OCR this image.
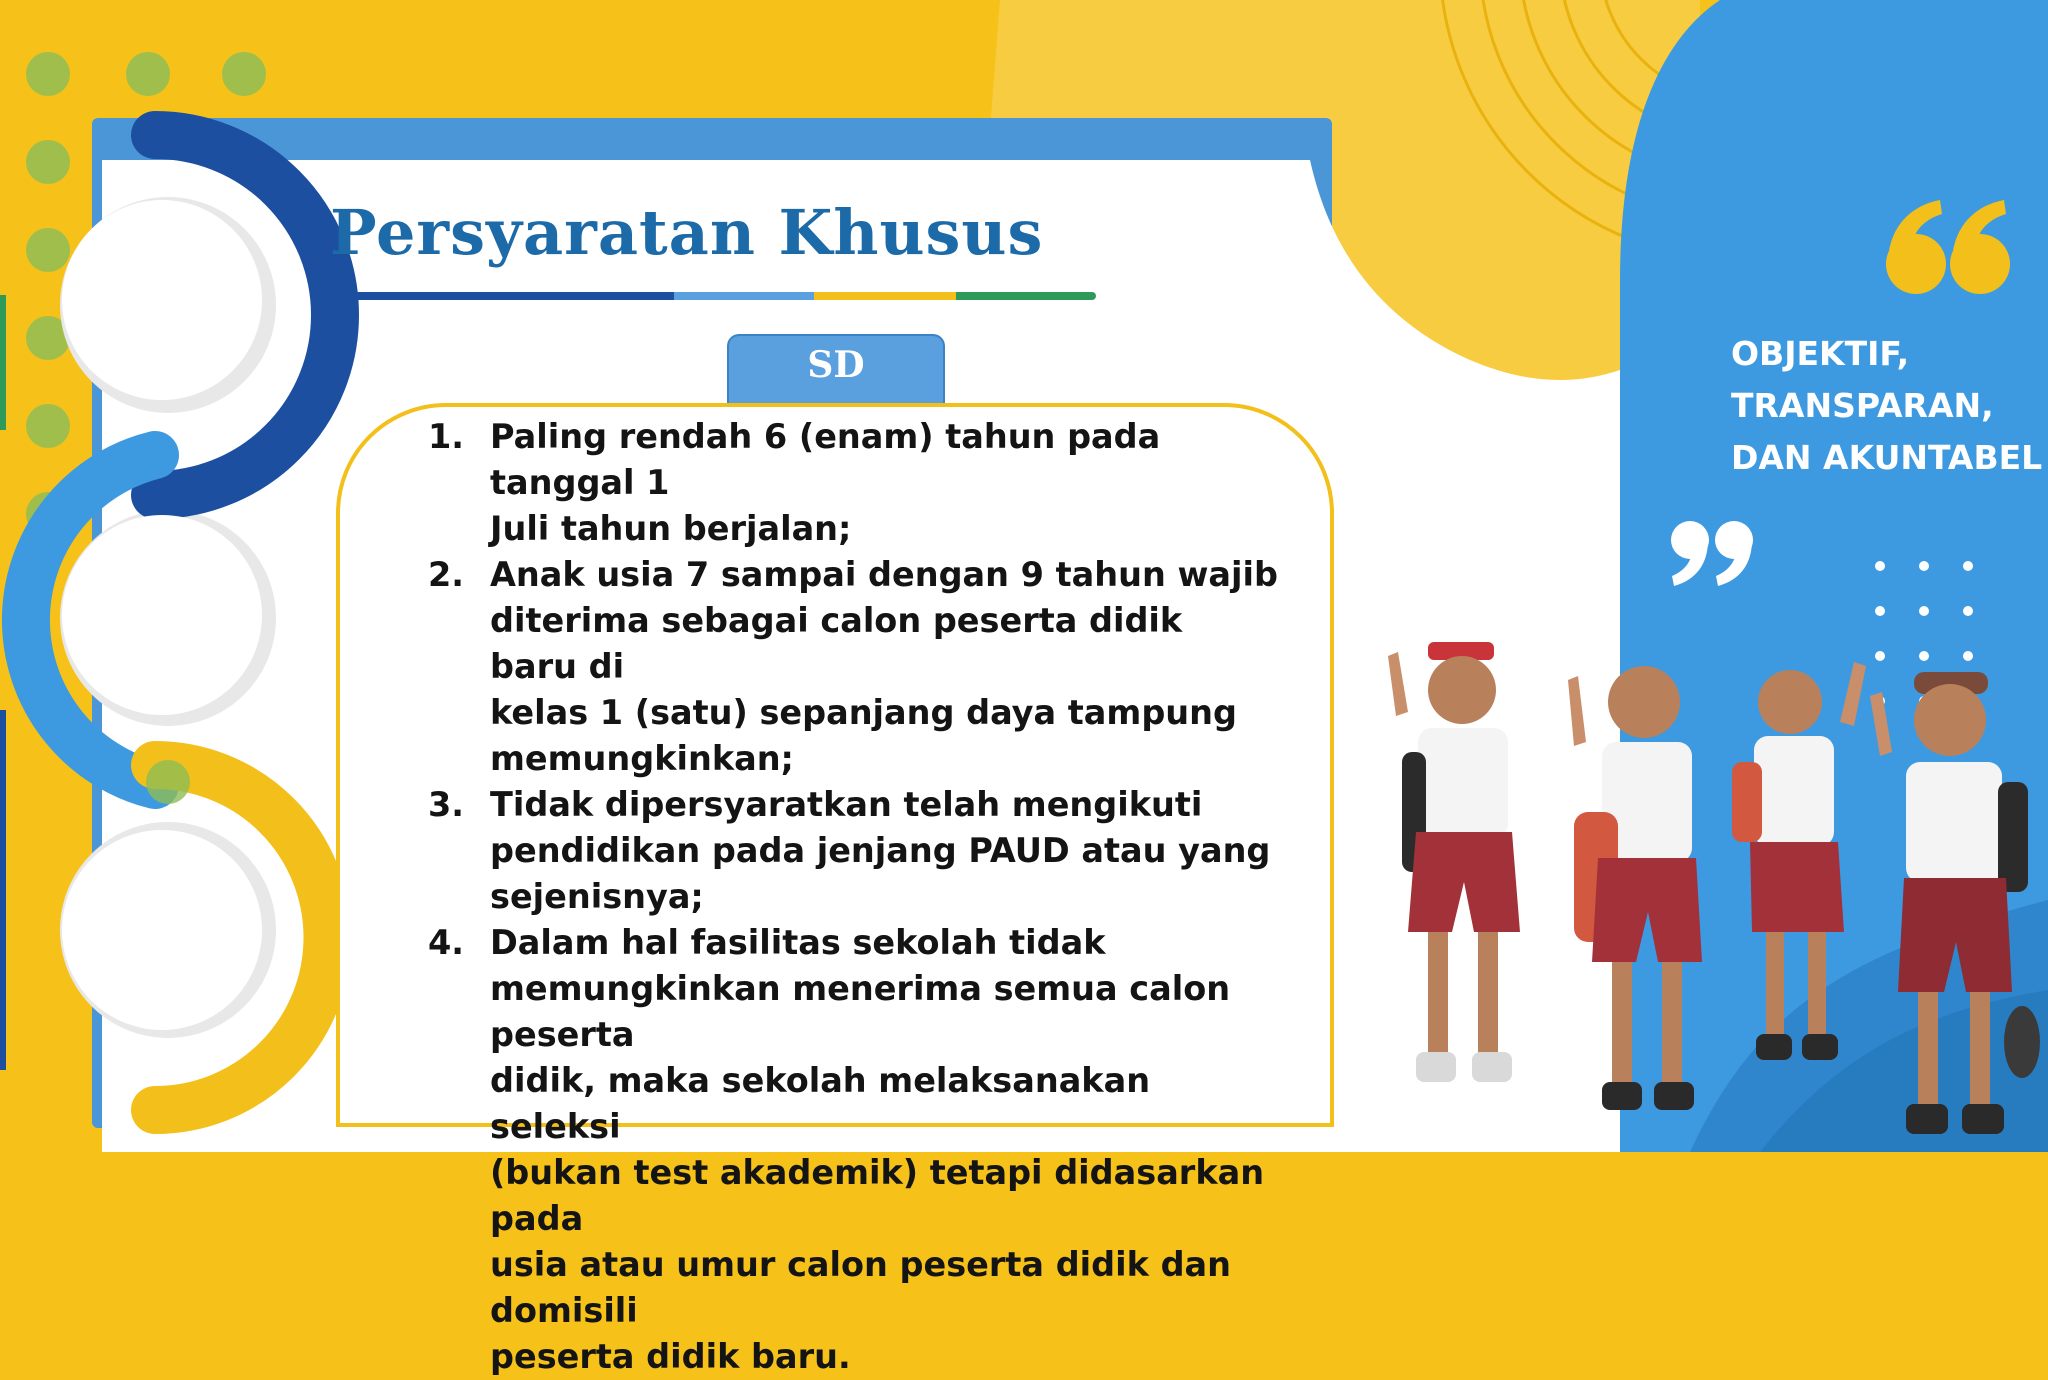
Persyaratan Khusus
SD
1. Paling rendah 6 (enam) tahun pada tanggal 1
Juli tahun berjalan;
2. Anak usia 7 sampai dengan 9 tahun wajib
diterima sebagai calon peserta didik baru di
kelas 1 (satu) sepanjang daya tampung
memungkinkan;
3. Tidak dipersyaratkan telah mengikuti
pendidikan pada jenjang PAUD atau yang
sejenisnya;
4. Dalam hal fasilitas sekolah tidak
memungkinkan menerima semua calon peserta
didik, maka sekolah melaksanakan seleksi
(bukan test akademik) tetapi didasarkan pada
usia atau umur calon peserta didik dan domisili
peserta didik baru.
OBJEKTIF,
TRANSPARAN,
DAN AKUNTABEL
